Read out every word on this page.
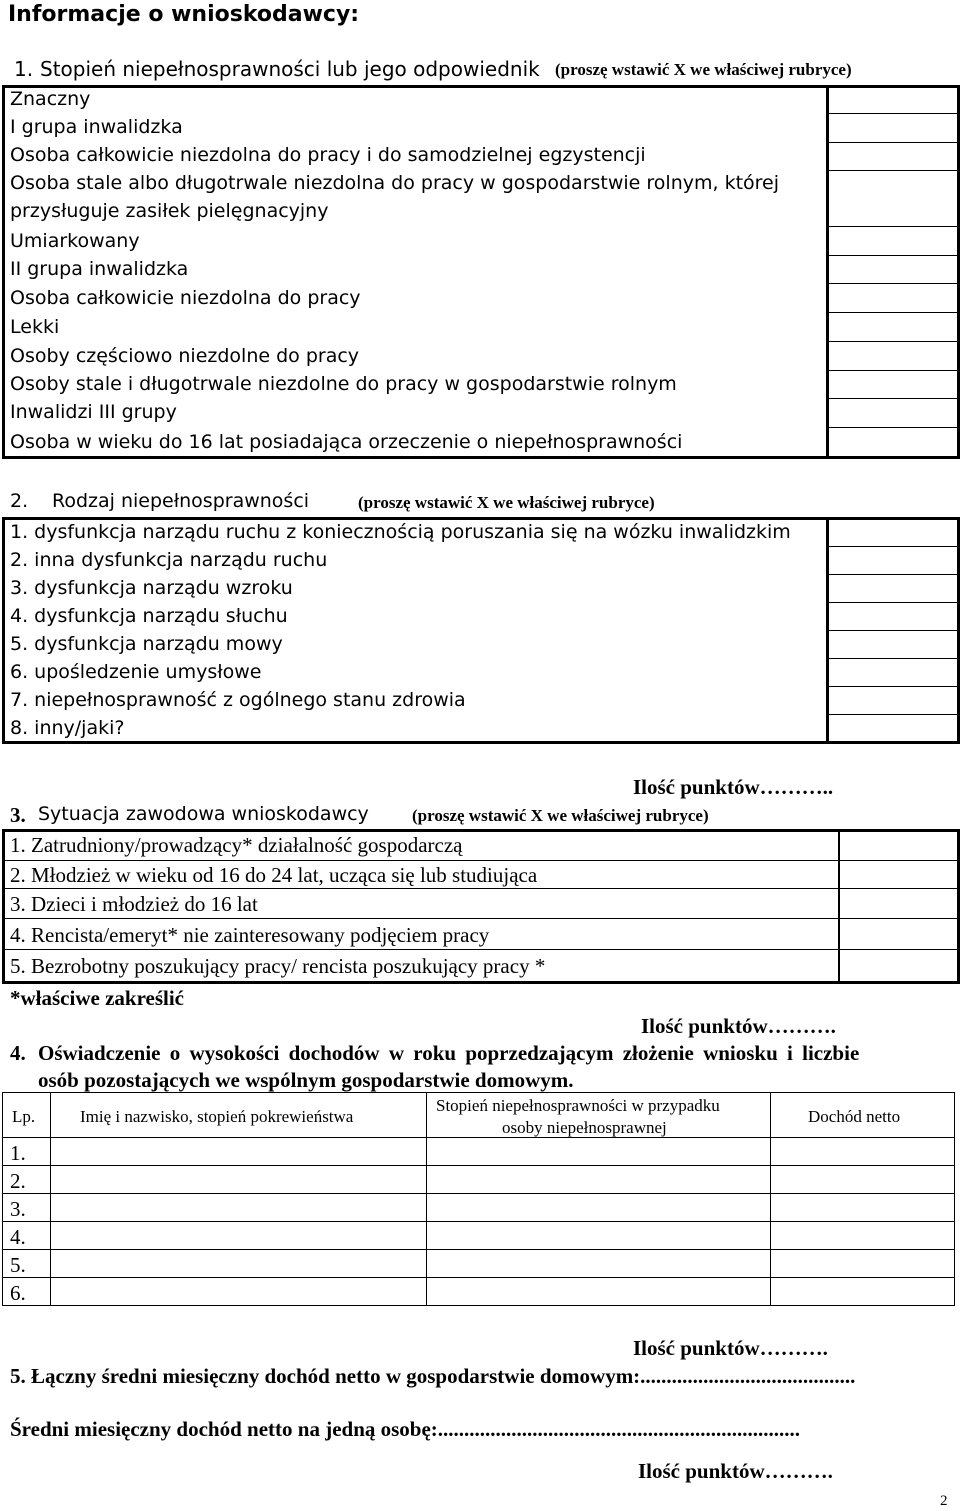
Informacje o wnioskodawcy:
1. Stopień niepełnosprawności lub jego odpowiednik (proszę wstawić X we właściwej rubryce)
Znaczny
I grupa inwalidzka
Osoba całkowicie niezdolna do pracy i do samodzielnej egzystencji
Osoba stale albo długotrwale niezdolna do pracy w gospodarstwie rolnym, której
przysługuje zasiłek pielęgnacyjny
Umiarkowany
II grupa inwalidzka
Osoba całkowicie niezdolna do pracy
Lekki
Osoby częściowo niezdolne do pracy
Osoby stale i długotrwale niezdolne do pracy w gospodarstwie rolnym
Inwalidzi III grupy
Osoba w wieku do 16 lat posiadająca orzeczenie o niepełnosprawności
2. Rodzaj niepełnosprawności	(proszę wstawić X we właściwej rubryce)
1. dysfunkcja narządu ruchu z koniecznością poruszania się na wózku inwalidzkim
2. inna dysfunkcja narządu ruchu
3. dysfunkcja narządu wzroku
4. dysfunkcja narządu słuchu
5. dysfunkcja narządu mowy
6. upośledzenie umysłowe
7. niepełnosprawność z ogólnego stanu zdrowia
8. inny/jaki?
Ilość punktów………..
3. Sytuacja zawodowa wnioskodawcy	(proszę wstawić X we właściwej rubryce)
1. Zatrudniony/prowadzący* działalność gospodarczą
2. Młodzież w wieku od 16 do 24 lat, ucząca się lub studiująca
3. Dzieci i młodzież do 16 lat
4. Rencista/emeryt* nie zainteresowany podjęciem pracy
5. Bezrobotny poszukujący pracy/ rencista poszukujący pracy *
*właściwe zakreślić
Ilość punktów……….
4. Oświadczenie o wysokości dochodów w roku poprzedzającym złożenie wniosku i liczbie
osób pozostających we wspólnym gospodarstwie domowym.
Lp.	Imię i nazwisko, stopień pokrewieństwa
Stopień niepełnosprawności w przypadku
osoby niepełnosprawnej
Dochód netto
1.
2.
3.
4.
5.
6.
Ilość punktów……….
5. Łączny średni miesięczny dochód netto w gospodarstwie domowym:.........................................
Średni miesięczny dochód netto na jedną osobę:.....................................................................
Ilość punktów……….
2
